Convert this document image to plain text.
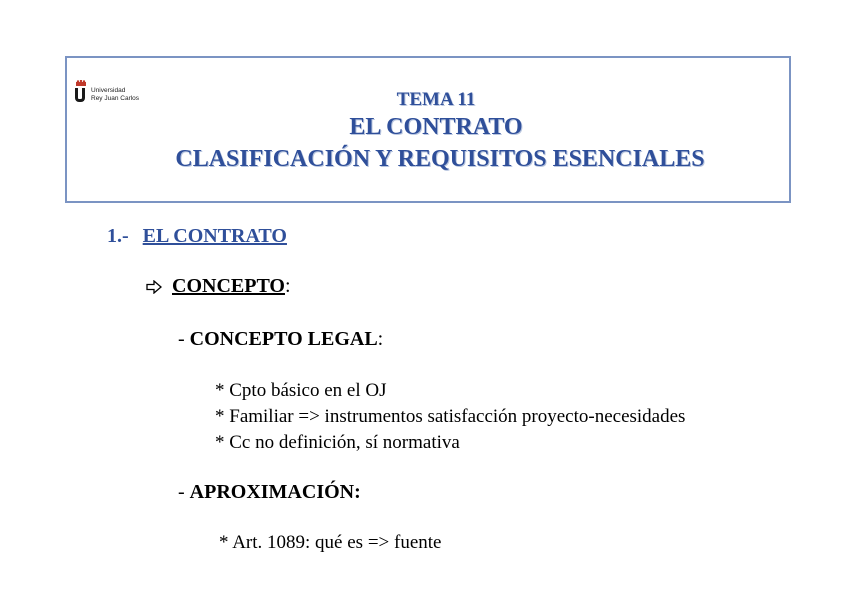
Universidad
Rey Juan Carlos	TEMA 11
EL CONTRATO
CLASIFICACIÓN Y REQUISITOS ESENCIALES
1.- EL CONTRATO
CONCEPTO :
- CONCEPTO LEGAL:
* Cpto básico en el OJ
* Familiar => instrumentos satisfacción proyecto-necesidades
* Cc no definición, sí normativa
- APROXIMACIÓN:
* Art. 1089: qué es => fuente
